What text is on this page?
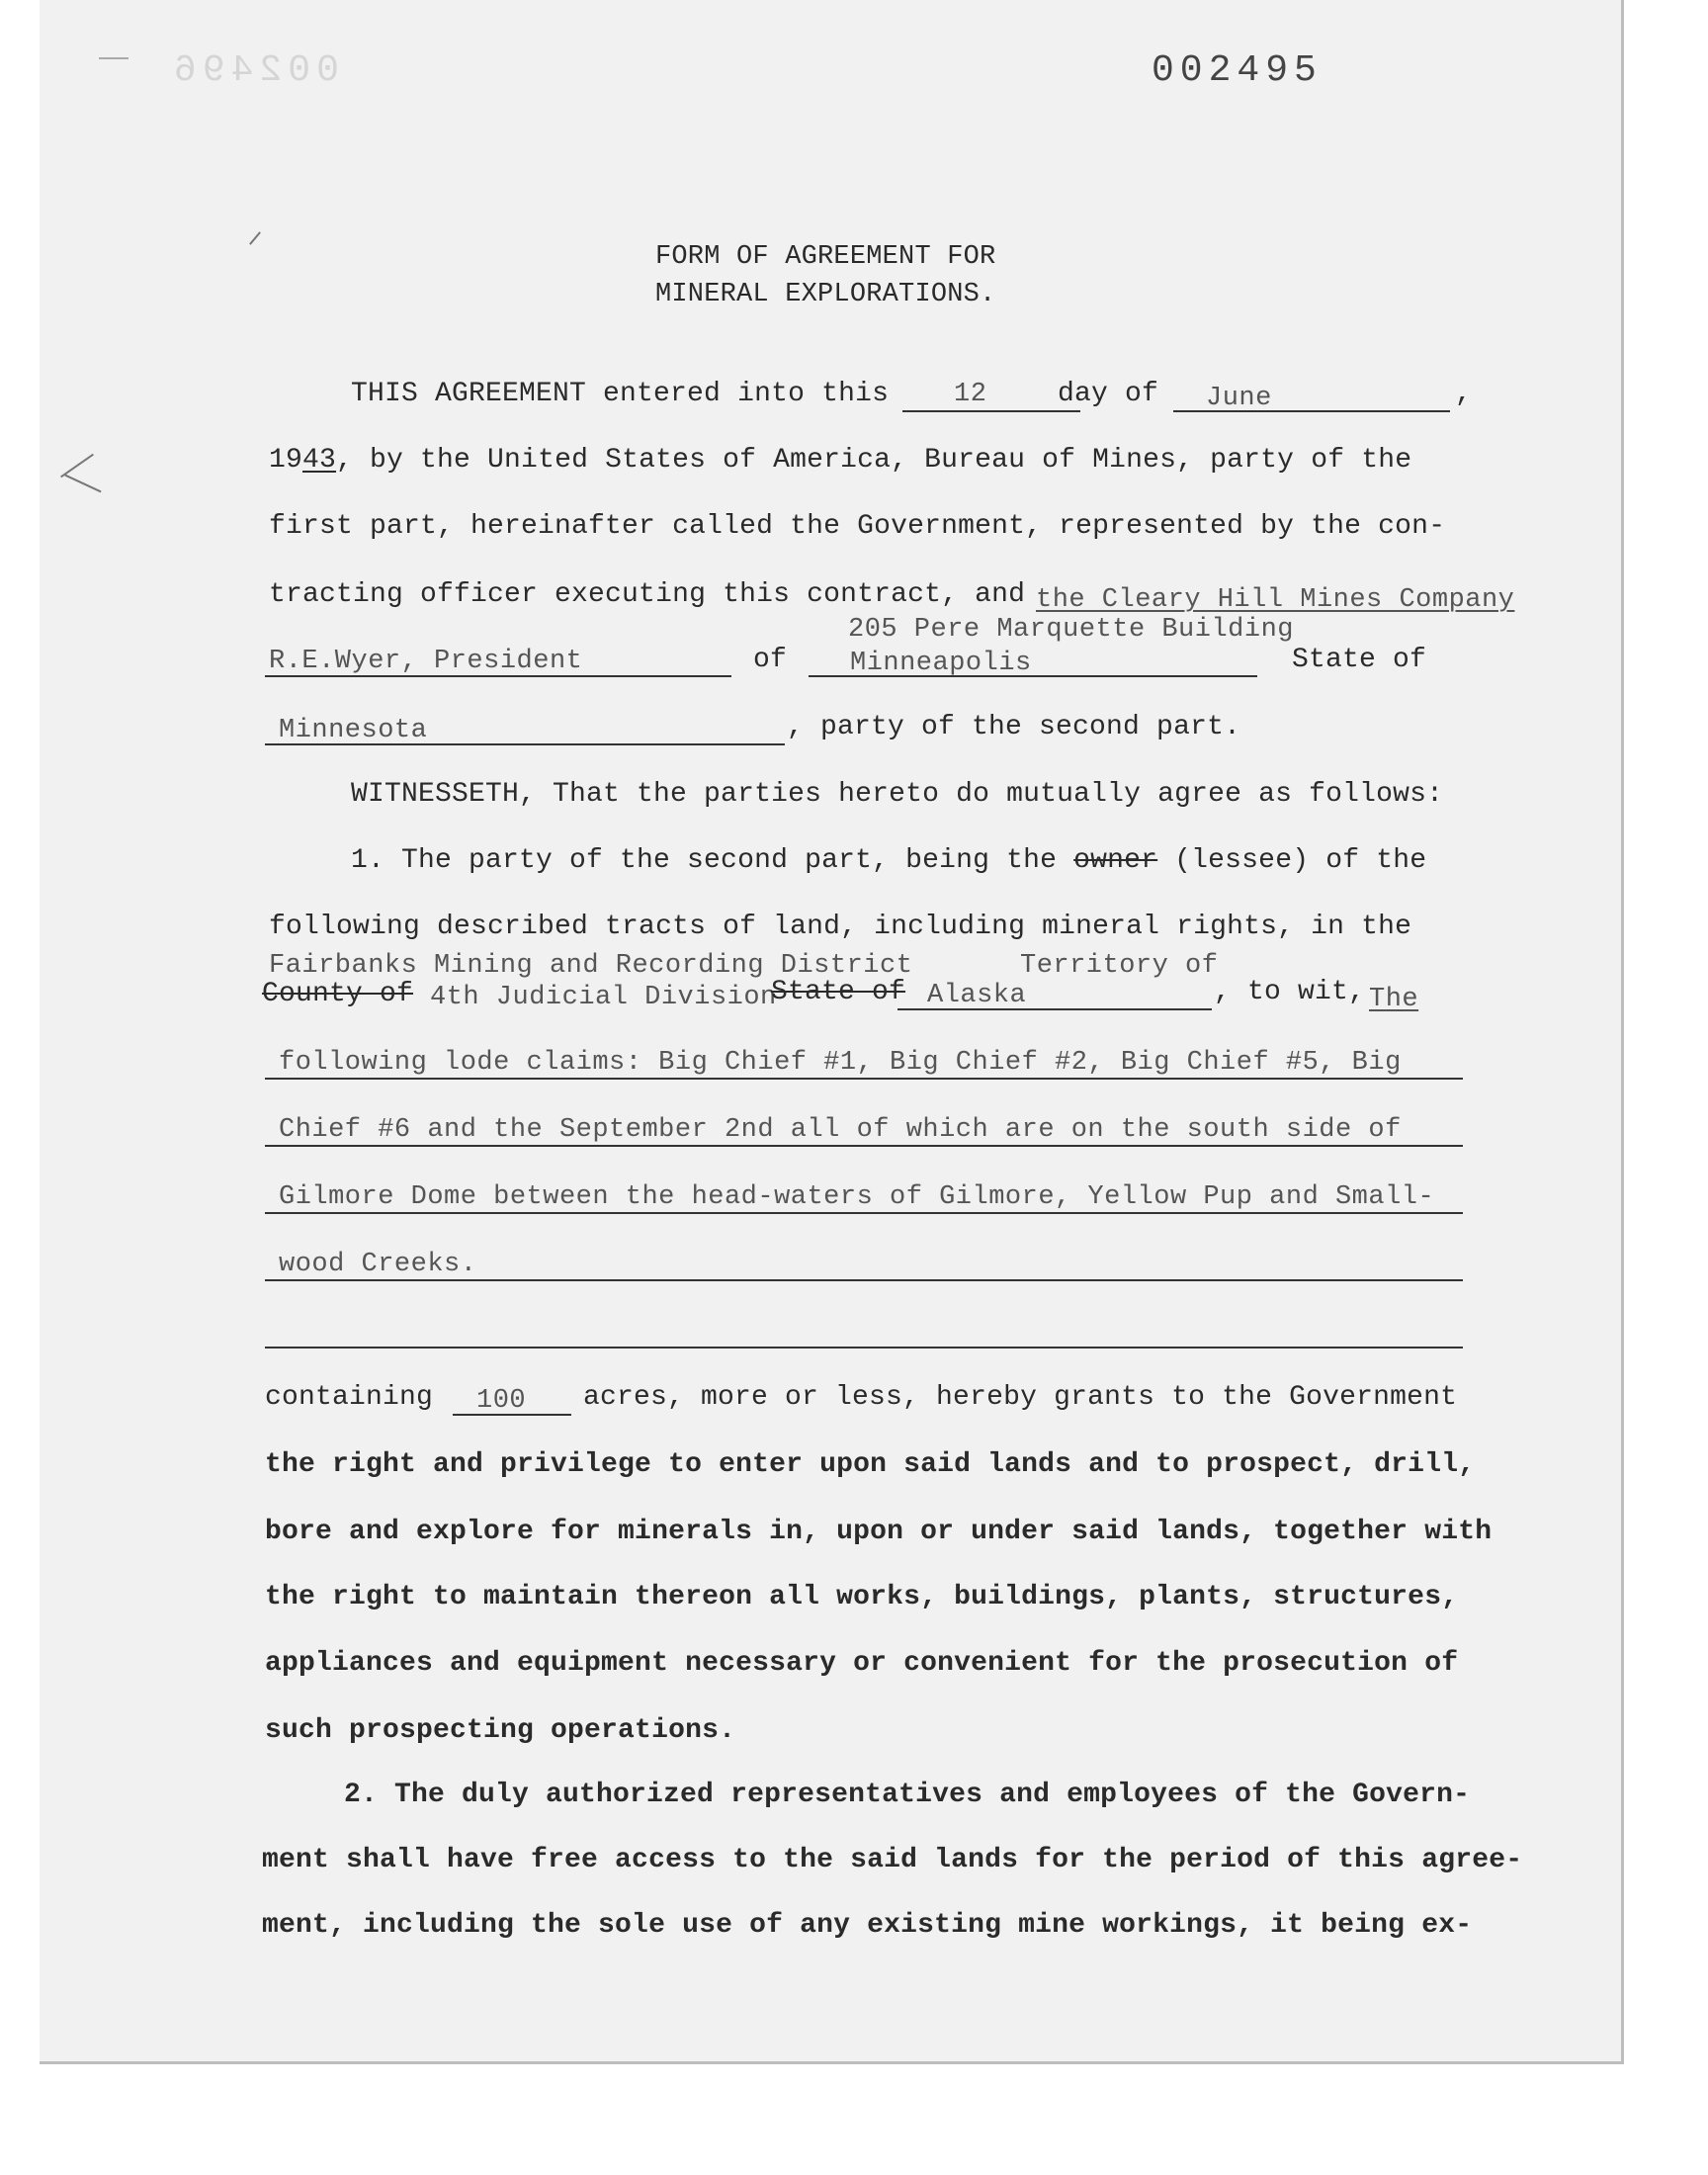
002496	002495
FORM OF AGREEMENT FOR
MINERAL EXPLORATIONS.
THIS AGREEMENT entered into this 12	day of June	,
1943, by the United States of America, Bureau of Mines, party of the
first part, hereinafter called the Government, represented by the con-
tracting officer executing this contract, and the Cleary Hill Mines Company
205 Pere Marquette Building
R.E.Wyer, President	of Minneapolis	State of
Minnesota	, party of the second part.
WITNESSETH, That the parties hereto do mutually agree as follows:
1. The party of the second part, being the owner (lessee) of the
following described tracts of land, including mineral rights, in the
Fairbanks Mining and Recording District	Territory of
County of 4th Judicial Division
State of Alaska	, to wit, The
following lode claims: Big Chief #1, Big Chief #2, Big Chief #5, Big
Chief #6 and the September 2nd all of which are on the south side of
Gilmore Dome between the head-waters of Gilmore, Yellow Pup and Small-
wood Creeks.
containing 100 acres, more or less, hereby grants to the Government
the right and privilege to enter upon said lands and to prospect, drill,
bore and explore for minerals in, upon or under said lands, together with
the right to maintain thereon all works, buildings, plants, structures,
appliances and equipment necessary or convenient for the prosecution of
such prospecting operations.
2. The duly authorized representatives and employees of the Govern-
ment shall have free access to the said lands for the period of this agree-
ment, including the sole use of any existing mine workings, it being ex-
